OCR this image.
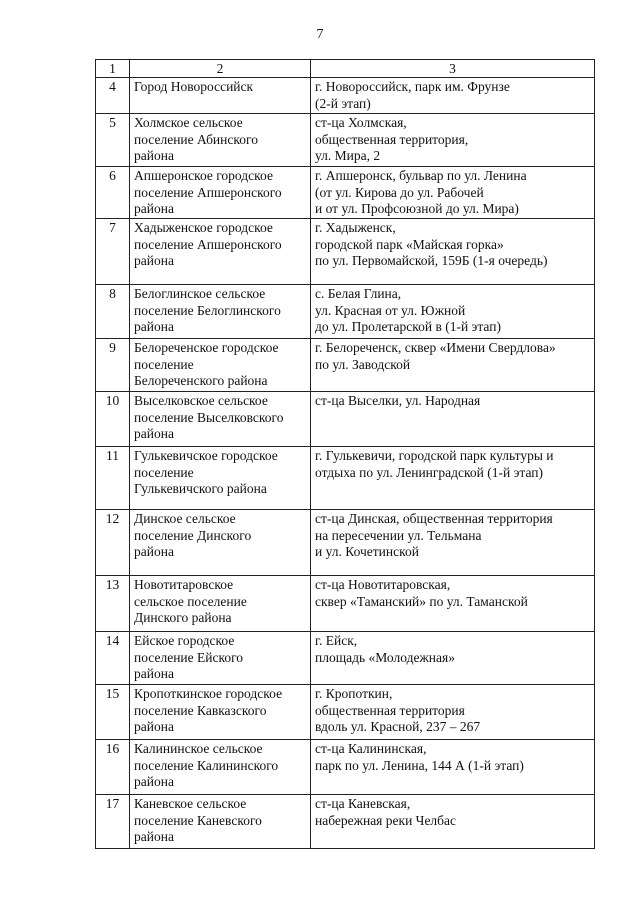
7
1	2	3
4	Город Новороссийск	г. Новороссийск, парк им. Фрунзе
(2-й этап)
5	Холмское сельское
поселение Абинского
района	ст-ца Холмская,
общественная территория,
ул. Мира, 2
6	Апшеронское городское
поселение Апшеронского
района	г. Апшеронск, бульвар по ул. Ленина
(от ул. Кирова до ул. Рабочей
и от ул. Профсоюзной до ул. Мира)
7	Хадыженское городское
поселение Апшеронского
района	г. Хадыженск,
городской парк «Майская горка»
по ул. Первомайской, 159Б (1-я очередь)
8	Белоглинское сельское
поселение Белоглинского
района	с. Белая Глина,
ул. Красная от ул. Южной
до ул. Пролетарской в (1-й этап)
9	Белореченское городское
поселение
Белореченского района	г. Белореченск, сквер «Имени Свердлова»
по ул. Заводской
10	Выселковское сельское
поселение Выселковского
района	ст-ца Выселки, ул. Народная
11	Гулькевичское городское
поселение
Гулькевичского района	г. Гулькевичи, городской парк культуры и
отдыха по ул. Ленинградской (1-й этап)
12	Динское сельское
поселение Динского
района	ст-ца Динская, общественная территория
на пересечении ул. Тельмана
и ул. Кочетинской
13	Новотитаровское
сельское поселение
Динского района	ст-ца Новотитаровская,
сквер «Таманский» по ул. Таманской
14	Ейское городское
поселение Ейского
района	г. Ейск,
площадь «Молодежная»
15	Кропоткинское городское
поселение Кавказского
района	г. Кропоткин,
общественная территория
вдоль ул. Красной, 237 – 267
16	Калининское сельское
поселение Калининского
района	ст-ца Калининская,
парк по ул. Ленина, 144 А (1-й этап)
17	Каневское сельское
поселение Каневского
района	ст-ца Каневская,
набережная реки Челбас
